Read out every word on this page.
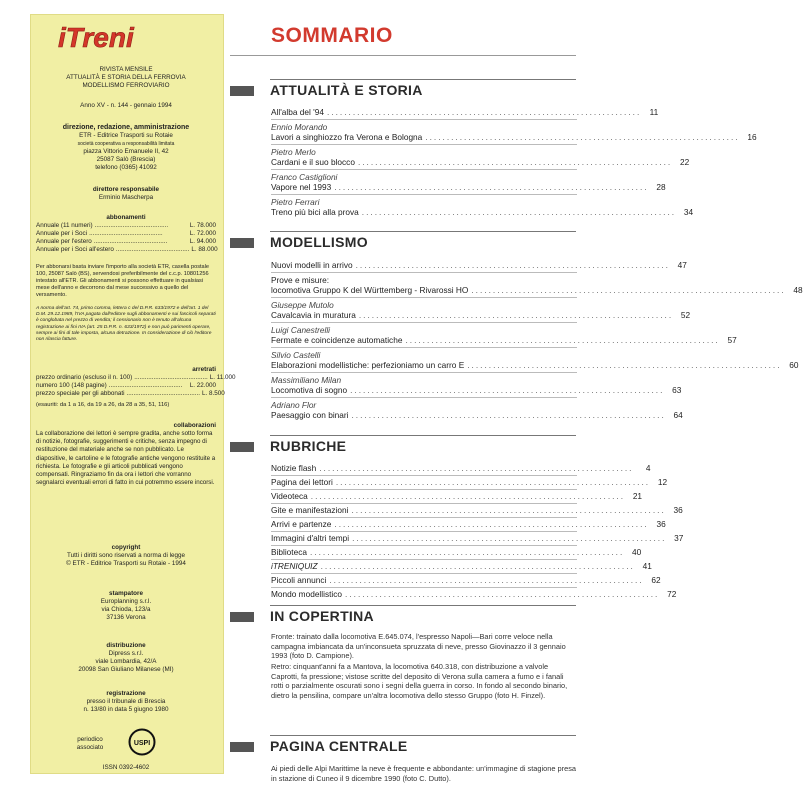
iTreni
RIVISTA MENSILE
ATTUALITÀ E STORIA DELLA FERROVIA
MODELLISMO FERROVIARIO
Anno XV - n. 144 - gennaio 1994
direzione, redazione, amministrazione
ETR - Editrice Trasporti su Rotaie
società cooperativa a responsabilità limitata
piazza Vittorio Emanuele II, 42
25087 Salò (Brescia)
telefono (0365) 41092
direttore responsabile
Erminio Mascherpa
abbonamenti
Annuale (11 numeri) ..........................................	L. 78.000
Annuale per i Soci ..........................................	L. 72.000
Annuale per l'estero ..........................................	L. 94.000
Annuale per i Soci all'estero .......................................... L. 88.000
Per abbonarsi basta inviare l'importo alla società ETR, casella postale 100, 25087 Salò (BS), servendosi preferibilmente del c.c.p. 10801256 intestato all'ETR. Gli abbonamenti si possono effettuare in qualsiasi mese dell'anno e decorrono dal mese successivo a quello del versamento.
A norma dell'art. 74, primo comma, lettera c del D.P.R. 633/1972 e dell'art. 1 del D.M. 29.12.1989, l'IVA pagata dall'editore sugli abbonamenti e sui fascicoli separati è conglobata nel prezzo di vendita; il cessionario non è tenuto all'alcuna registrazione ai fini IVA (art. 25 D.P.R. n. 633/1972) e non può parimenti operare, sempre ai fini di tale imposta, alcuna detrazione. In considerazione di ciò l'editore non rilascia fatture.
arretrati
prezzo ordinario (escluso il n. 100) .......................................... L. 11.000
numero 100 (148 pagine) ..........................................	L. 22.000
prezzo speciale per gli abbonati .......................................... L. 8.500
(esauriti: da 1 a 16, da 19 a 26, da 28 a 35, 51, 116)
collaborazioni
La collaborazione dei lettori è sempre gradita, anche sotto forma di notizie, fotografie, suggerimenti e critiche, senza impegno di restituzione del materiale anche se non pubblicato. Le diapositive, le cartoline e le fotografie antiche vengono restituite a richiesta. Le fotografie e gli articoli pubblicati vengono compensati. Ringraziamo fin da ora i lettori che vorranno segnalarci eventuali errori di fatto in cui potremmo essere incorsi.
copyright
Tutti i diritti sono riservati a norma di legge
© ETR - Editrice Trasporti su Rotaie - 1994
stampatore
Europlanning s.r.l.
via Chioda, 123/a
37136 Verona
distribuzione
Dipress s.r.l.
viale Lombardia, 42/A
20098 San Giuliano Milanese (MI)
registrazione
presso il tribunale di Brescia
n. 13/80 in data 5 giugno 1980
periodico
associato
USPI
ISSN 0392-4602
SOMMARIO
ATTUALITÀ E STORIA
All'alba del '94 .........................................................................	11
Ennio Morando
Lavori a singhiozzo fra Verona e Bologna ......................................................................... 16
Pietro Merlo
Cardani e il suo blocco ......................................................................... 22
Franco Castiglioni
Vapore nel 1993 ......................................................................... 28
Pietro Ferrari
Treno più bici alla prova ......................................................................... 34
MODELLISMO
Nuovi modelli in arrivo ......................................................................... 47
Prove e misure:
locomotiva Gruppo K del Württemberg - Rivarossi HO ......................................................................... 48
Giuseppe Mutolo
Cavalcavia in muratura ......................................................................... 52
Luigi Canestrelli
Fermate e coincidenze automatiche ......................................................................... 57
Silvio Castelli
Elaborazioni modellistiche: perfezioniamo un carro E ......................................................................... 60
Massimiliano Milan
Locomotiva di sogno ......................................................................... 63
Adriano Flor
Paesaggio con binari ......................................................................... 64
RUBRICHE
Notizie flash .........................................................................	4
Pagina dei lettori ......................................................................... 12
Videoteca ......................................................................... 21
Gite e manifestazioni ......................................................................... 36
Arrivi e partenze ......................................................................... 36
Immagini d'altri tempi ......................................................................... 37
Biblioteca ......................................................................... 40
iTRENIQUIZ ......................................................................... 41
Piccoli annunci ......................................................................... 62
Mondo modellistico ......................................................................... 72
IN COPERTINA
Fronte: trainato dalla locomotiva E.645.074, l'espresso Napoli—Bari corre veloce nella campagna imbiancata da un'inconsueta spruzzata di neve, presso Giovinazzo il 3 gennaio 1993 (foto D. Campione).
Retro: cinquant'anni fa a Mantova, la locomotiva 640.318, con distribuzione a valvole Caprotti, fa pressione; vistose scritte del deposito di Verona sulla camera a fumo e i fanali rotti o parzialmente oscurati sono i segni della guerra in corso. In fondo al secondo binario, dietro la pensilina, compare un'altra locomotiva dello stesso Gruppo (foto H. Finzel).
PAGINA CENTRALE
Ai piedi delle Alpi Marittime la neve è frequente e abbondante: un'immagine di stagione presa in stazione di Cuneo il 9 dicembre 1990 (foto C. Dutto).
